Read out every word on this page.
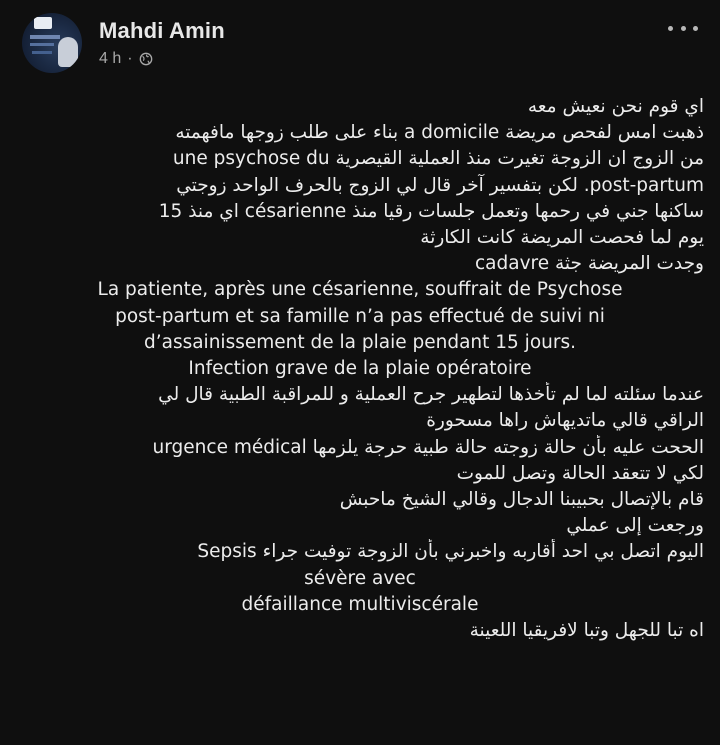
Mahdi Amin
4 h ·
اي قوم نحن نعيش معه
ذهبت امس لفحص مريضة a domicile بناء على طلب زوجها مافهمته
من الزوج ان الزوجة تغيرت منذ العملية القيصرية une psychose du
post-partum. لكن بتفسير آخر قال لي الزوج بالحرف الواحد زوجتي
ساكنها جني في رحمها وتعمل جلسات رقيا منذ césarienne اي منذ 15
يوم لما فحصت المريضة كانت الكارثة
وجدت المريضة جثة cadavre
La patiente, après une césarienne, souffrait de Psychose
post-partum et sa famille n’a pas effectué de suivi ni
d’assainissement de la plaie pendant 15 jours.
Infection grave de la plaie opératoire
عندما سئلته لما لم تأخذها لتطهير جرح العملية و للمراقبة الطبية قال لي
الراقي قالي ماتديهاش راها مسحورة
الححت عليه بأن حالة زوجته حالة طبية حرجة يلزمها urgence médical
لكي لا تتعقد الحالة وتصل للموت
قام بالإتصال بحبيبنا الدجال وقالي الشيخ ماحبش
ورجعت إلى عملي
اليوم اتصل بي احد أقاربه واخبرني بأن الزوجة توفيت جراء Sepsis
sévère avec
défaillance multiviscérale
اه تبا للجهل وتبا لافريقيا اللعينة
